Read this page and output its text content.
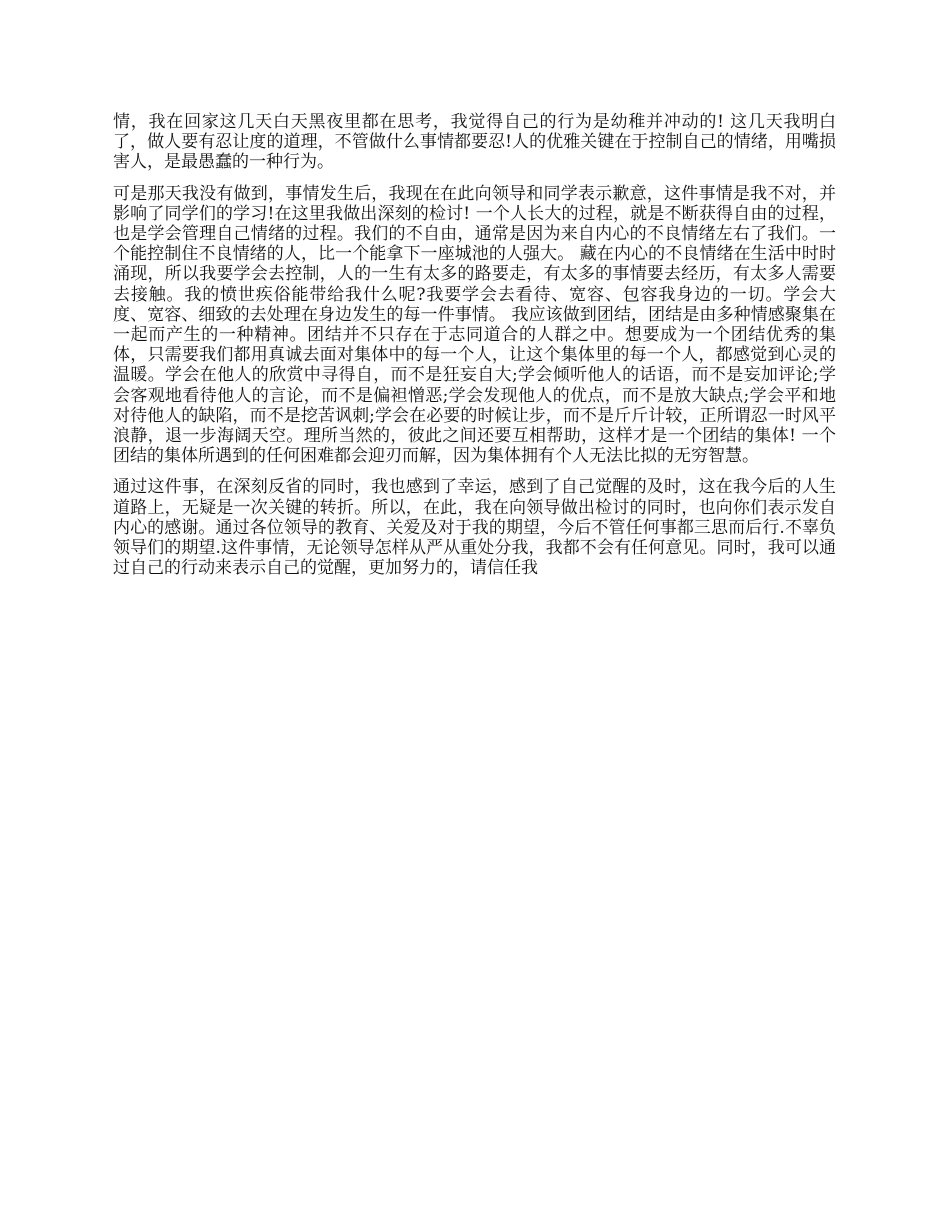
情，我在回家这几天白天黑夜里都在思考，我觉得自己的行为是幼稚并冲动的! 这几天我明白了，做人要有忍让度的道理，不管做什么事情都要忍!人的优雅关键在于控制自己的情绪，用嘴损害人，是最愚蠢的一种行为。

可是那天我没有做到，事情发生后，我现在在此向领导和同学表示歉意，这件事情是我不对，并影响了同学们的学习!在这里我做出深刻的检讨! 一个人长大的过程，就是不断获得自由的过程，也是学会管理自己情绪的过程。我们的不自由，通常是因为来自内心的不良情绪左右了我们。一个能控制住不良情绪的人，比一个能拿下一座城池的人强大。 藏在内心的不良情绪在生活中时时涌现，所以我要学会去控制，人的一生有太多的路要走，有太多的事情要去经历，有太多人需要去接触。我的愤世疾俗能带给我什么呢?我要学会去看待、宽容、包容我身边的一切。学会大度、宽容、细致的去处理在身边发生的每一件事情。 我应该做到团结，团结是由多种情感聚集在一起而产生的一种精神。团结并不只存在于志同道合的人群之中。想要成为一个团结优秀的集体，只需要我们都用真诚去面对集体中的每一个人，让这个集体里的每一个人，都感觉到心灵的温暖。学会在他人的欣赏中寻得自，而不是狂妄自大;学会倾听他人的话语，而不是妄加评论;学会客观地看待他人的言论，而不是偏袒憎恶;学会发现他人的优点，而不是放大缺点;学会平和地对待他人的缺陷，而不是挖苦讽刺;学会在必要的时候让步，而不是斤斤计较，正所谓忍一时风平浪静，退一步海阔天空。理所当然的，彼此之间还要互相帮助，这样才是一个团结的集体! 一个团结的集体所遇到的任何困难都会迎刃而解，因为集体拥有个人无法比拟的无穷智慧。

通过这件事，在深刻反省的同时，我也感到了幸运，感到了自己觉醒的及时，这在我今后的人生道路上，无疑是一次关键的转折。所以，在此，我在向领导做出检讨的同时，也向你们表示发自内心的感谢。通过各位领导的教育、关爱及对于我的期望，今后不管任何事都三思而后行.不辜负领导们的期望.这件事情，无论领导怎样从严从重处分我，我都不会有任何意见。同时，我可以通过自己的行动来表示自己的觉醒，更加努力的，请信任我
